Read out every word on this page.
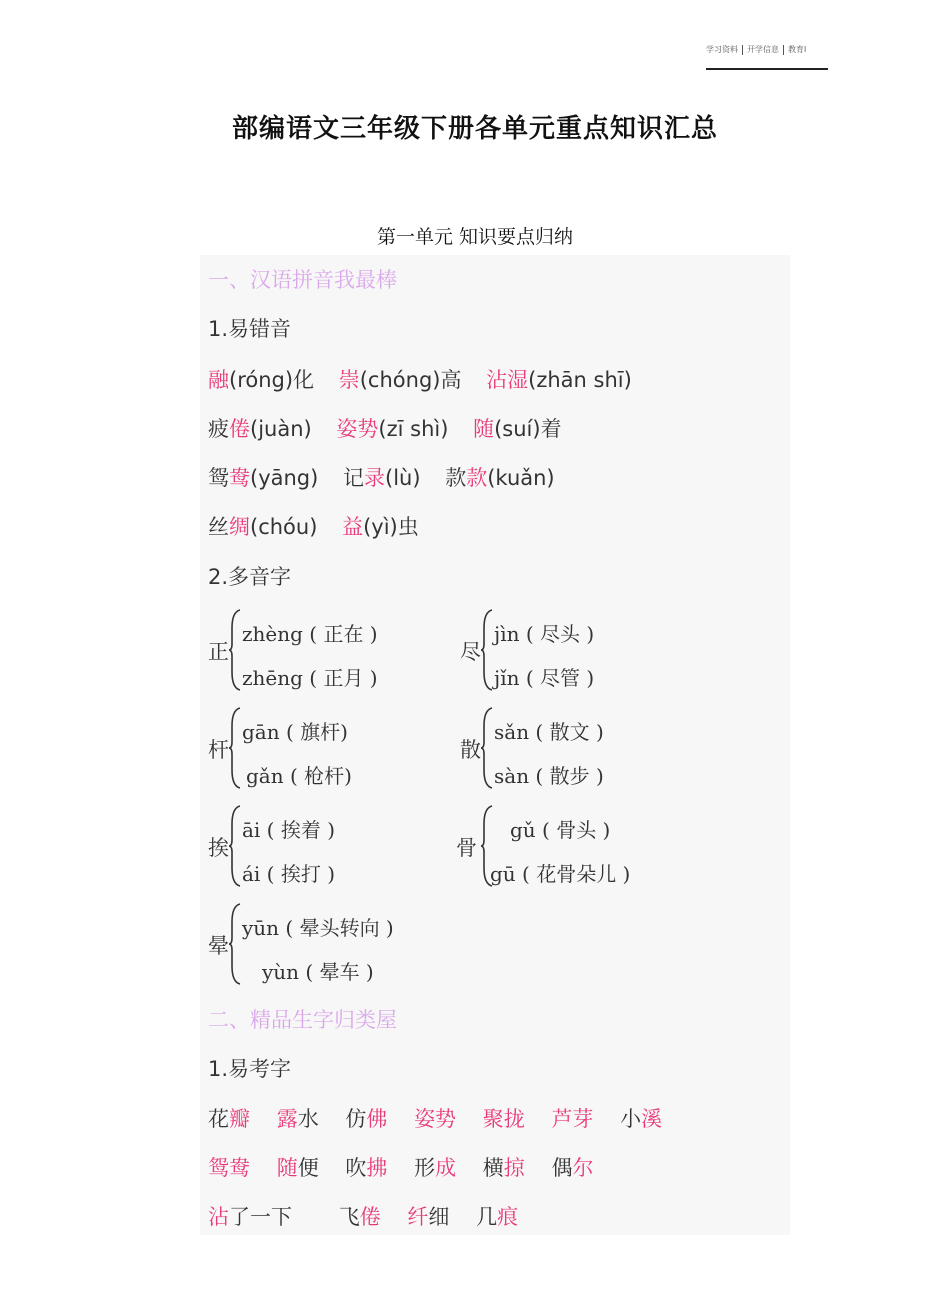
学习资料 开学信息 教育l
部编语文三年级下册各单元重点知识汇总
第一单元 知识要点归纳
一、汉语拼音我最棒
1.易错音
融(róng)化 崇(chóng)高 沾湿(zhān shī)
疲倦(juàn) 姿势(zī shì) 随(suí)着
鸳鸯(yāng) 记录(lù) 款款(kuǎn)
丝绸(chóu) 益(yì)虫
2.多音字
正
zhèng ( 正在 )
zhēng ( 正月 )
尽
jìn ( 尽头 )
jǐn ( 尽管 )
杆
gān ( 旗杆)
gǎn ( 枪杆)
散
sǎn ( 散文 )
sàn ( 散步 )
挨
āi ( 挨着 )
ái ( 挨打 )
骨
gǔ ( 骨头 )
gū ( 花骨朵儿 )
晕
yūn ( 晕头转向 )
yùn ( 晕车 )
二、精品生字归类屋
1.易考字
花瓣 露水 仿佛 姿势 聚拢 芦芽 小溪
鸳鸯 随便 吹拂 形成 横掠 偶尔
沾了一下 飞倦 纤细 几痕
